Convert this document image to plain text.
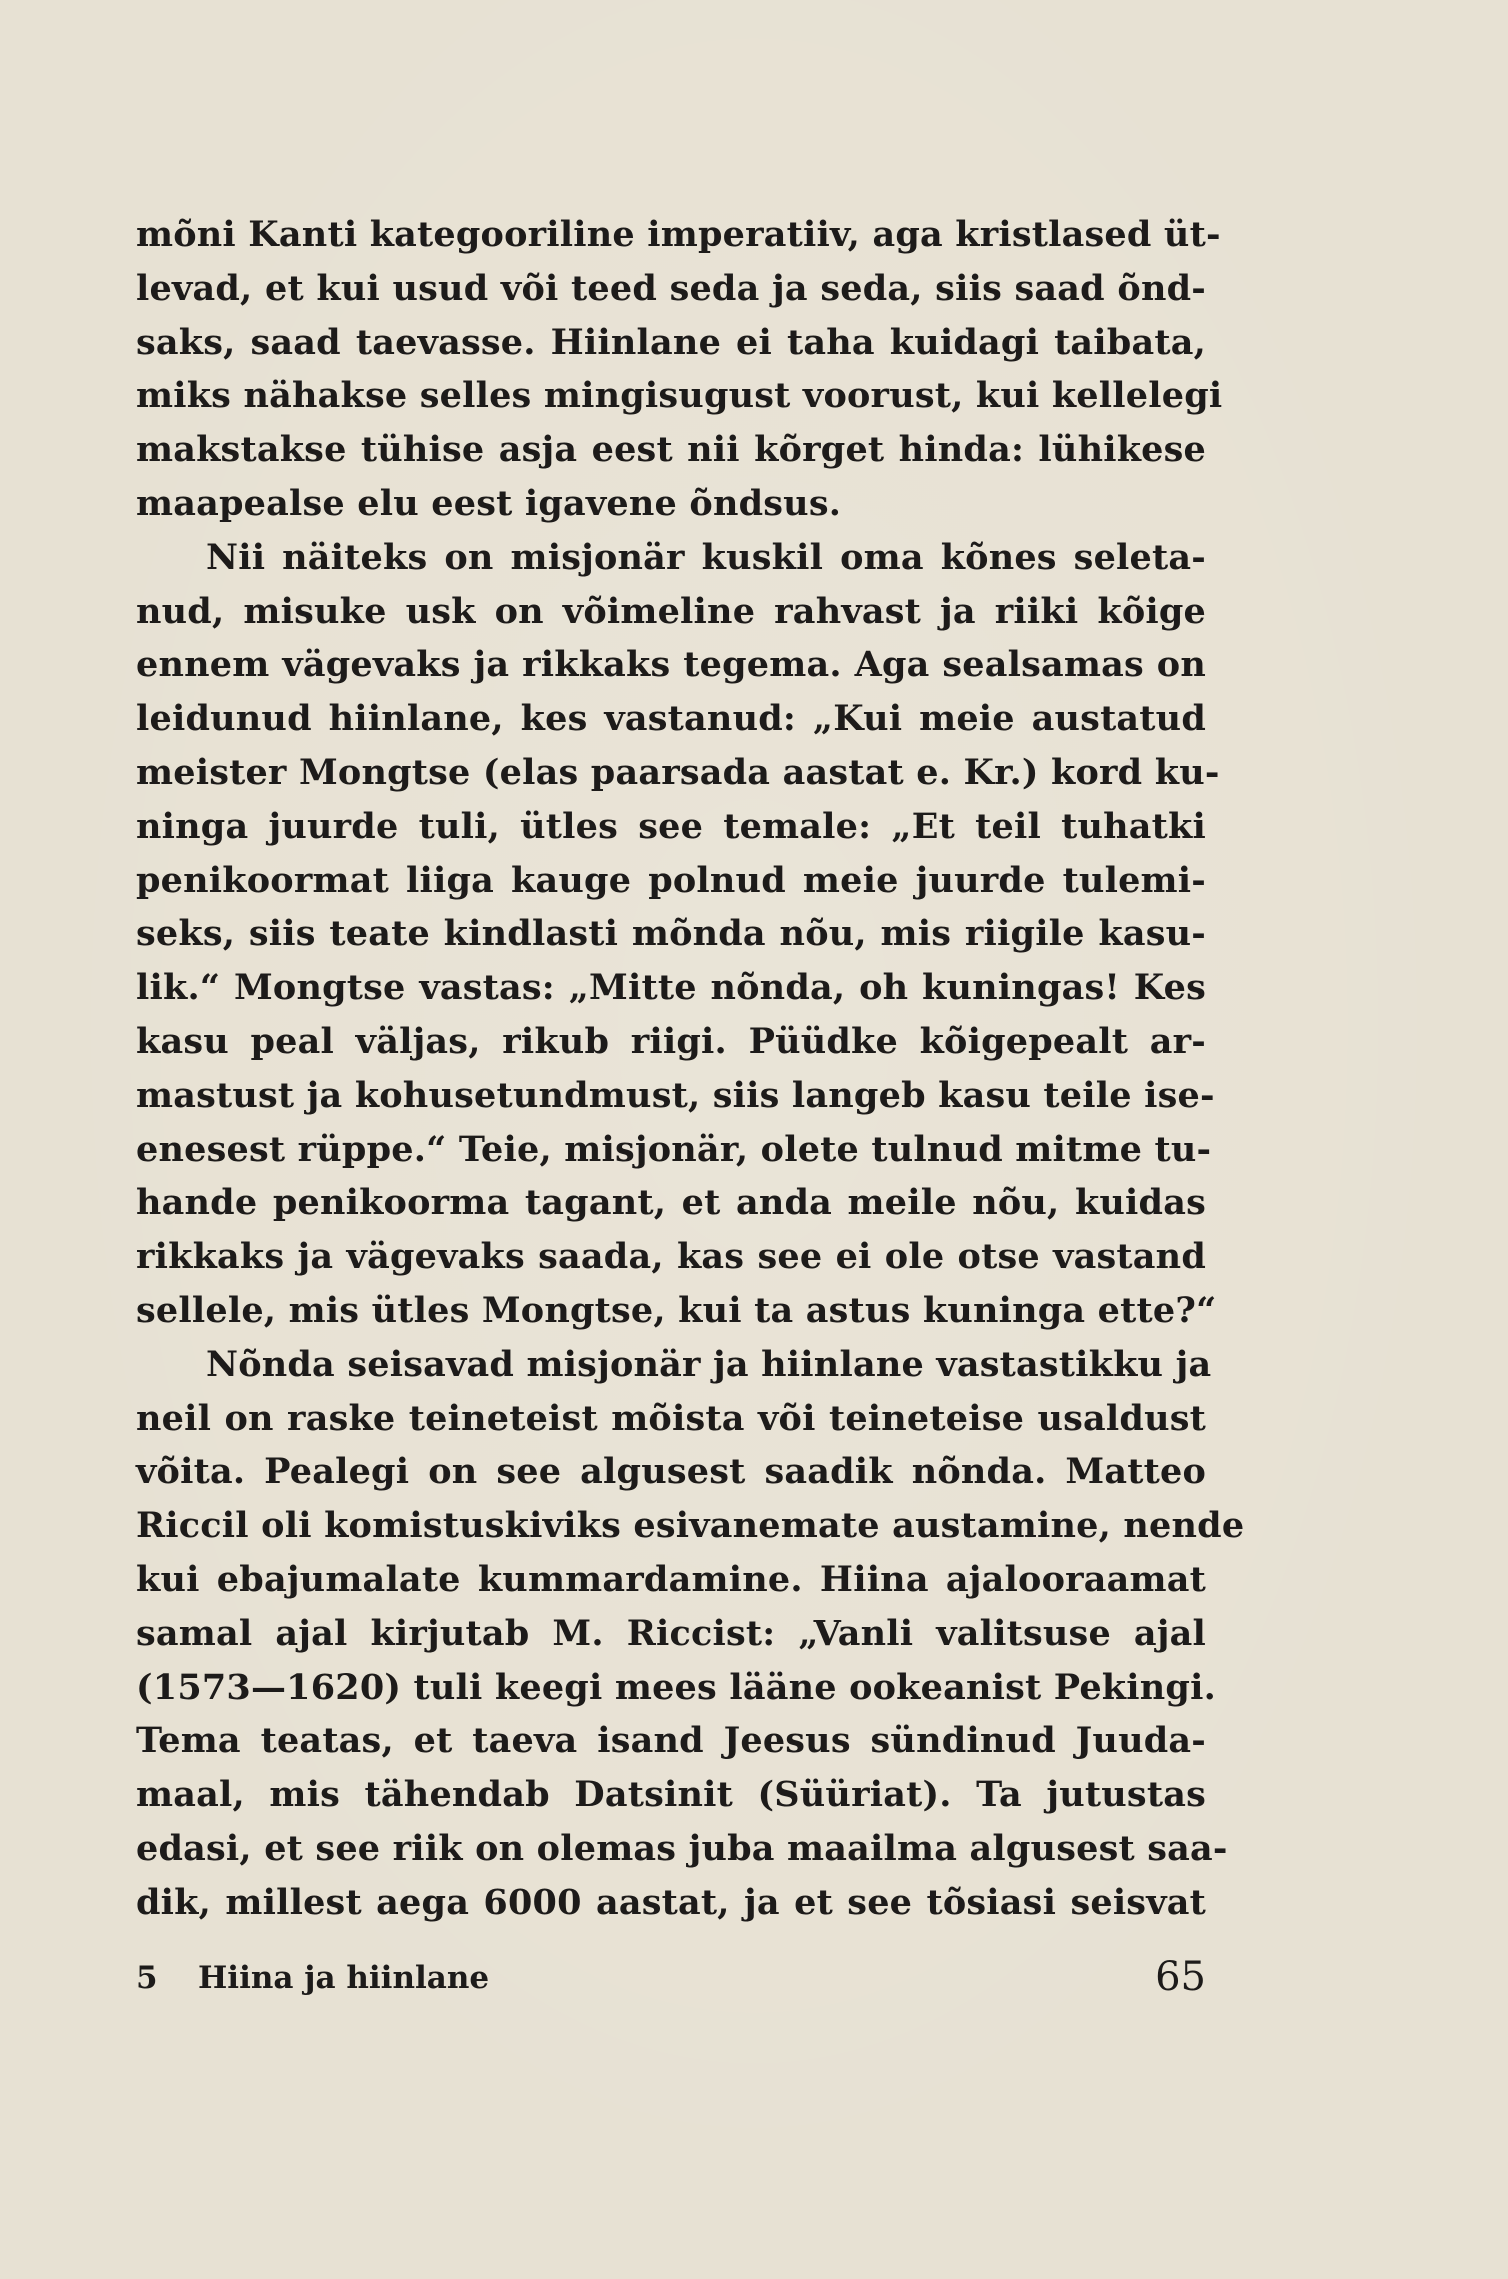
mõni Kanti kategooriline imperatiiv, aga kristlased üt-
levad, et kui usud või teed seda ja seda, siis saad õnd-
saks, saad taevasse. Hiinlane ei taha kuidagi taibata,
miks nähakse selles mingisugust voorust, kui kellelegi
makstakse tühise asja eest nii kõrget hinda: lühikese
maapealse elu eest igavene õndsus.
Nii näiteks on misjonär kuskil oma kõnes seleta-
nud, misuke usk on võimeline rahvast ja riiki kõige
ennem vägevaks ja rikkaks tegema. Aga sealsamas on
leidunud hiinlane, kes vastanud: „Kui meie austatud
meister Mongtse (elas paarsada aastat e. Kr.) kord ku-
ninga juurde tuli, ütles see temale: „Et teil tuhatki
penikoormat liiga kauge polnud meie juurde tulemi-
seks, siis teate kindlasti mõnda nõu, mis riigile kasu-
lik.“ Mongtse vastas: „Mitte nõnda, oh kuningas! Kes
kasu peal väljas, rikub riigi. Püüdke kõigepealt ar-
mastust ja kohusetundmust, siis langeb kasu teile ise-
enesest rüppe.“ Teie, misjonär, olete tulnud mitme tu-
hande penikoorma tagant, et anda meile nõu, kuidas
rikkaks ja vägevaks saada, kas see ei ole otse vastand
sellele, mis ütles Mongtse, kui ta astus kuninga ette?“
Nõnda seisavad misjonär ja hiinlane vastastikku ja
neil on raske teineteist mõista või teineteise usaldust
võita. Pealegi on see algusest saadik nõnda. Matteo
Riccil oli komistuskiviks esivanemate austamine, nende
kui ebajumalate kummardamine. Hiina ajalooraamat
samal ajal kirjutab M. Riccist: „Vanli valitsuse ajal
(1573—1620) tuli keegi mees lääne ookeanist Pekingi.
Tema teatas, et taeva isand Jeesus sündinud Juuda-
maal, mis tähendab Datsinit (Süüriat). Ta jutustas
edasi, et see riik on olemas juba maailma algusest saa-
dik, millest aega 6000 aastat, ja et see tõsiasi seisvat
5 Hiina ja hiinlane	65
